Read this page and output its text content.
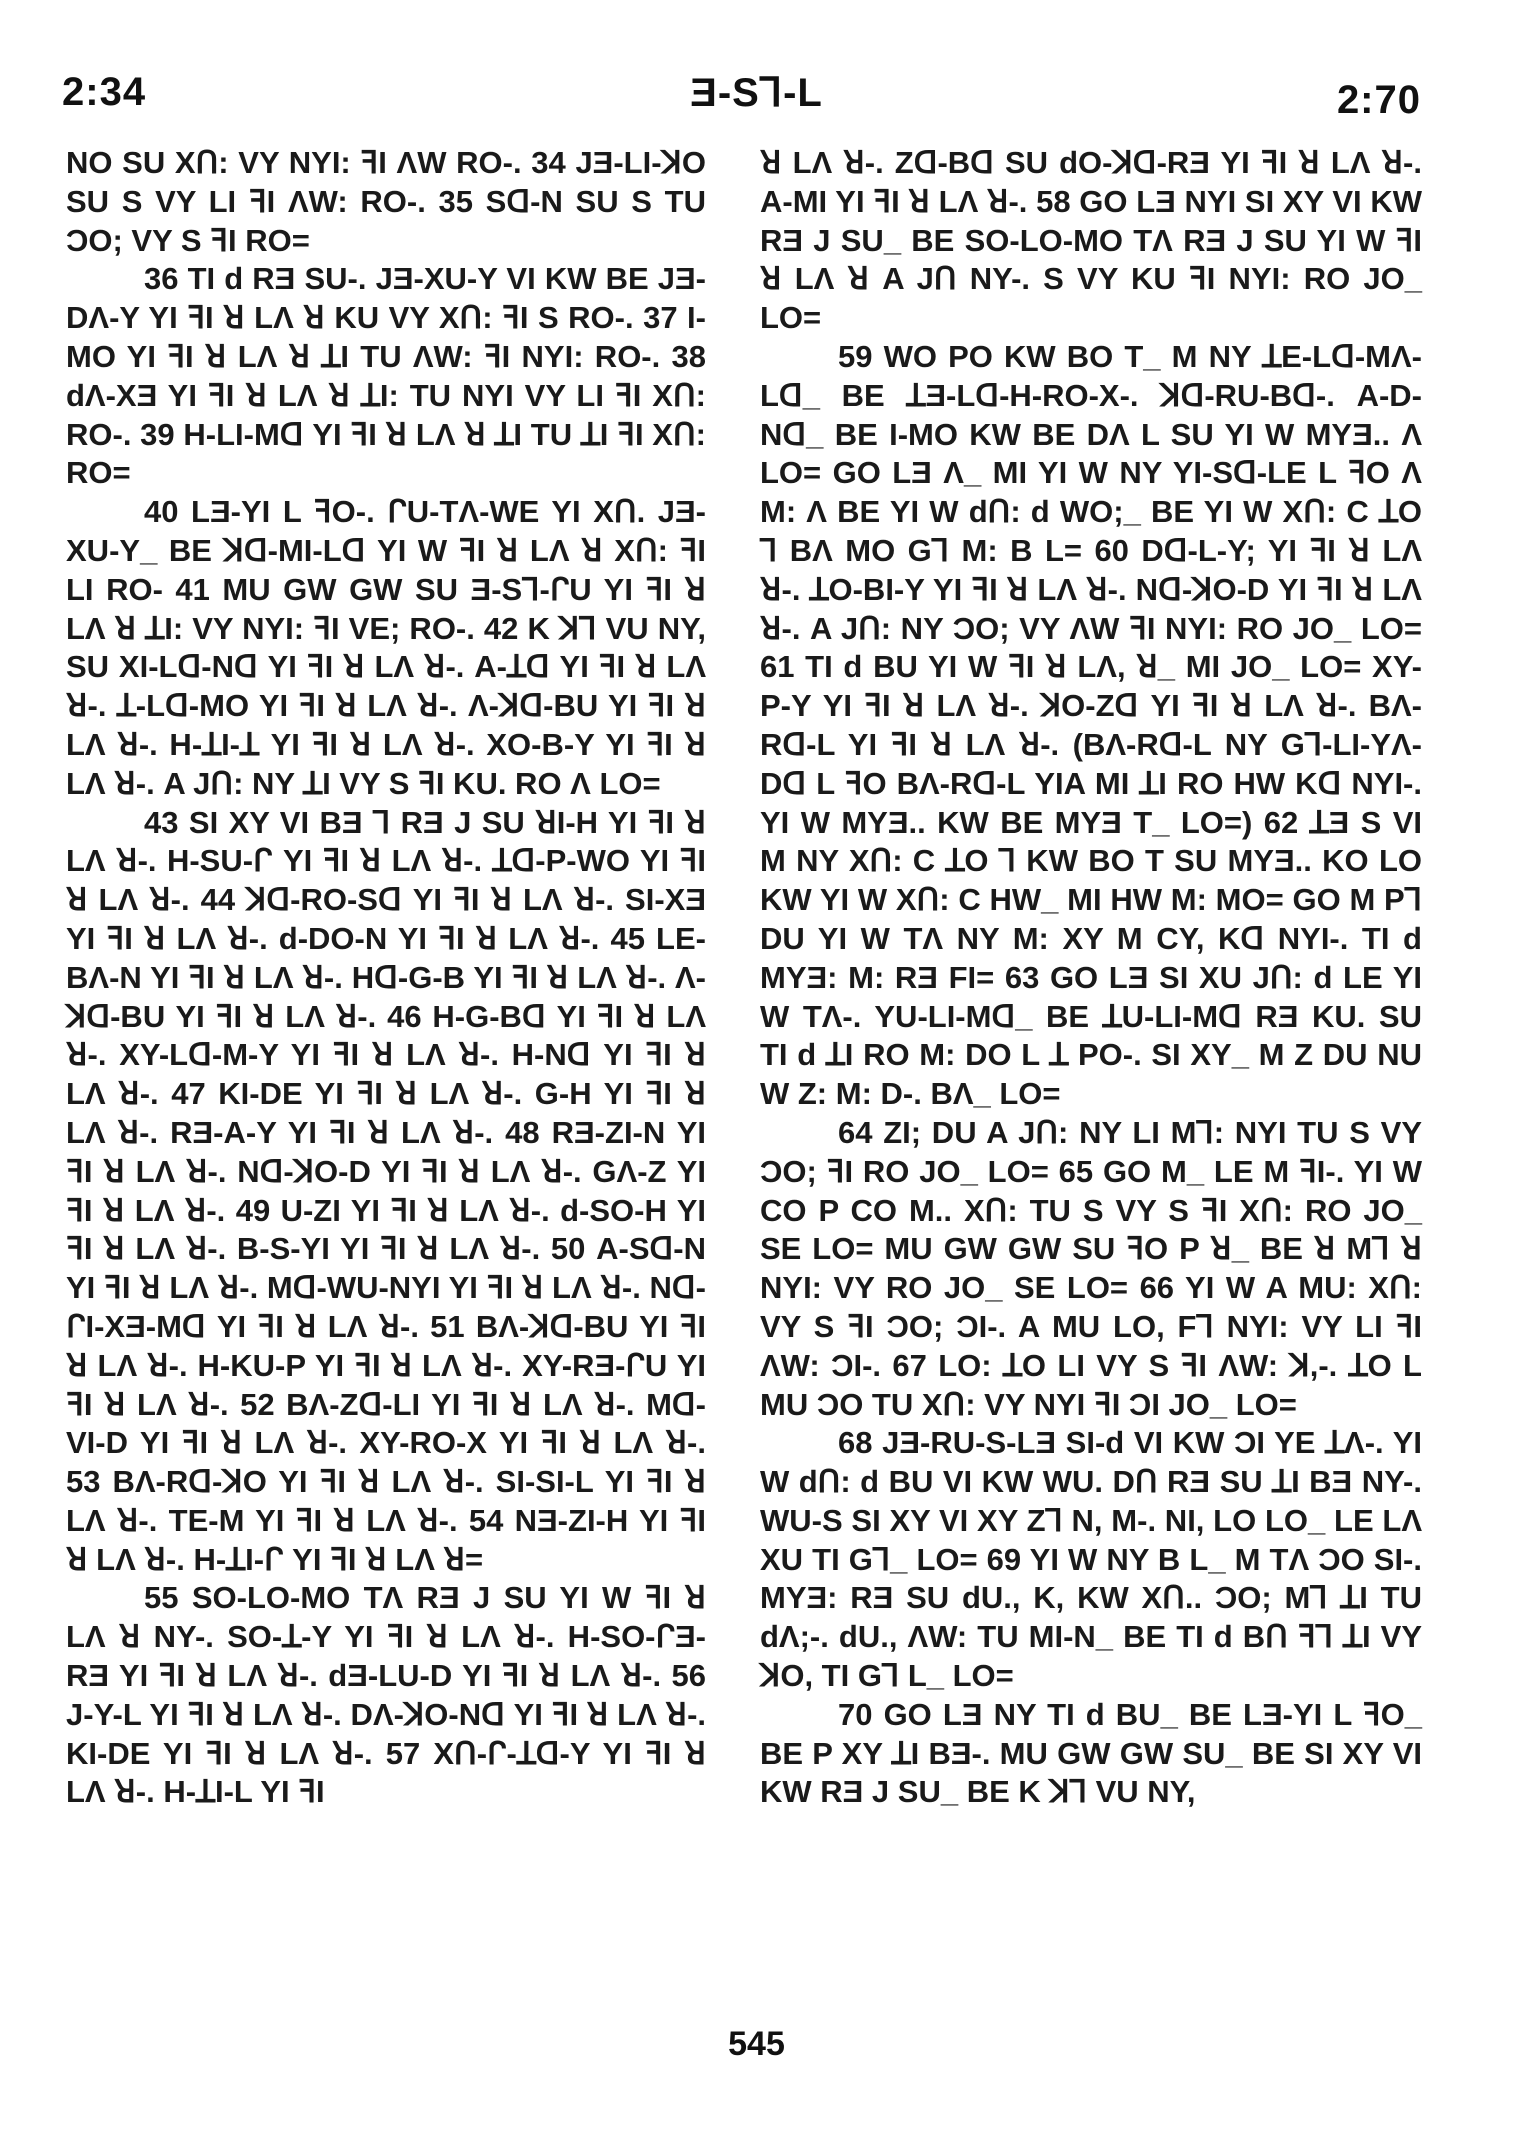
2:34	Ǝ-SꞀ-L	2:70

NO SU XՈ: VY NYI: ꟻI ɅW RO-. 34 JƎ-LI-ꓘO SU S VY LI ꟻI ɅW: RO-. 35 Sᗡ-N SU S TU ƆO; VY S ꟻI RO=

36 TI ԁ RƎ SU-. JƎ-XU-Y VI KW BE JƎ-DɅ-Y YI ꟻI ꓤ LɅ ꓤ KU VY XՈ: ꟻI S RO-. 37 I-MO YI ꟻI ꓤ LɅ ꓤ ꓕI TU ɅW: ꟻI NYI: RO-. 38 ԁɅ-XƎ YI ꟻI ꓤ LɅ ꓤ ꓕI: TU NYI VY LI ꟻI XՈ: RO-. 39 H-LI-Mᗡ YI ꟻI ꓤ LɅ ꓤ ꓕI TU ꓕI ꟻI XՈ: RO=

40 LƎ-YI L ꟻO-. ᒋU-TɅ-WE YI XՈ. JƎ-XU-Y_ BE ꓘᗡ-MI-Lᗡ YI W ꟻI ꓤ LɅ ꓤ XՈ: ꟻI LI RO- 41 MU GW GW SU Ǝ-SꞀ-ᒋU YI ꟻI ꓤ LɅ ꓤ ꓕI: VY NYI: ꟻI VE; RO-. 42 K ꓘꞀ VU NY, SU XI-Lᗡ-Nᗡ YI ꟻI ꓤ LɅ ꓤ-. A-ꓕᗡ YI ꟻI ꓤ LɅ ꓤ-. ꓕ-Lᗡ-MO YI ꟻI ꓤ LɅ ꓤ-. Ʌ-ꓘᗡ-BU YI ꟻI ꓤ LɅ ꓤ-. H-ꓕI-ꓕ YI ꟻI ꓤ LɅ ꓤ-. XO-B-Y YI ꟻI ꓤ LɅ ꓤ-. A JՈ: NY ꓕI VY S ꟻI KU. RO Ʌ LO=

43 SI XY VI BƎ ꓶ RƎ J SU ꓤI-H YI ꟻI ꓤ LɅ ꓤ-. H-SU-ᒋ YI ꟻI ꓤ LɅ ꓤ-. ꓕᗡ-P-WO YI ꟻI ꓤ LɅ ꓤ-. 44 ꓘᗡ-RO-Sᗡ YI ꟻI ꓤ LɅ ꓤ-. SI-XƎ YI ꟻI ꓤ LɅ ꓤ-. ԁ-DO-N YI ꟻI ꓤ LɅ ꓤ-. 45 LE-BɅ-N YI ꟻI ꓤ LɅ ꓤ-. Hᗡ-G-B YI ꟻI ꓤ LɅ ꓤ-. Ʌ-ꓘᗡ-BU YI ꟻI ꓤ LɅ ꓤ-. 46 H-G-Bᗡ YI ꟻI ꓤ LɅ ꓤ-. XY-Lᗡ-M-Y YI ꟻI ꓤ LɅ ꓤ-. H-Nᗡ YI ꟻI ꓤ LɅ ꓤ-. 47 KI-DE YI ꟻI ꓤ LɅ ꓤ-. G-H YI ꟻI ꓤ LɅ ꓤ-. RƎ-A-Y YI ꟻI ꓤ LɅ ꓤ-. 48 RƎ-ZI-N YI ꟻI ꓤ LɅ ꓤ-. Nᗡ-ꓘO-D YI ꟻI ꓤ LɅ ꓤ-. GɅ-Z YI ꟻI ꓤ LɅ ꓤ-. 49 U-ZI YI ꟻI ꓤ LɅ ꓤ-. ԁ-SO-H YI ꟻI ꓤ LɅ ꓤ-. B-S-YI YI ꟻI ꓤ LɅ ꓤ-. 50 A-Sᗡ-N YI ꟻI ꓤ LɅ ꓤ-. Mᗡ-WU-NYI YI ꟻI ꓤ LɅ ꓤ-. Nᗡ-ᒋI-XƎ-Mᗡ YI ꟻI ꓤ LɅ ꓤ-. 51 BɅ-ꓘᗡ-BU YI ꟻI ꓤ LɅ ꓤ-. H-KU-P YI ꟻI ꓤ LɅ ꓤ-. XY-RƎ-ᒋU YI ꟻI ꓤ LɅ ꓤ-. 52 BɅ-Zᗡ-LI YI ꟻI ꓤ LɅ ꓤ-. Mᗡ-VI-D YI ꟻI ꓤ LɅ ꓤ-. XY-RO-X YI ꟻI ꓤ LɅ ꓤ-. 53 BɅ-Rᗡ-ꓘO YI ꟻI ꓤ LɅ ꓤ-. SI-SI-L YI ꟻI ꓤ LɅ ꓤ-. TE-M YI ꟻI ꓤ LɅ ꓤ-. 54 NƎ-ZI-H YI ꟻI ꓤ LɅ ꓤ-. H-ꓕI-ᒋ YI ꟻI ꓤ LɅ ꓤ=

55 SO-LO-MO TɅ RƎ J SU YI W ꟻI ꓤ LɅ ꓤ NY-. SO-ꓕ-Y YI ꟻI ꓤ LɅ ꓤ-. H-SO-ᒋƎ-RƎ YI ꟻI ꓤ LɅ ꓤ-. ԁƎ-LU-D YI ꟻI ꓤ LɅ ꓤ-. 56 J-Y-L YI ꟻI ꓤ LɅ ꓤ-. DɅ-ꓘO-Nᗡ YI ꟻI ꓤ LɅ ꓤ-. KI-DE YI ꟻI ꓤ LɅ ꓤ-. 57 XՈ-ᒋ-ꓕᗡ-Y YI ꟻI ꓤ LɅ ꓤ-. H-ꓕI-L YI ꟻI

ꓤ LɅ ꓤ-. Zᗡ-Bᗡ SU ԁO-ꓘᗡ-RƎ YI ꟻI ꓤ LɅ ꓤ-. A-MI YI ꟻI ꓤ LɅ ꓤ-. 58 GO LƎ NYI SI XY VI KW RƎ J SU_ BE SO-LO-MO TɅ RƎ J SU YI W ꟻI ꓤ LɅ ꓤ A JՈ NY-. S VY KU ꟻI NYI: RO JO_ LO=

59 WO PO KW BO T_ M NY ꓕE-Lᗡ-MɅ-Lᗡ_ BE ꓕƎ-Lᗡ-H-RO-X-. ꓘᗡ-RU-Bᗡ-. A-D-Nᗡ_ BE I-MO KW BE DɅ L SU YI W MYƎ.. Ʌ LO= GO LƎ Ʌ_ MI YI W NY YI-Sᗡ-LE L ꟻO Ʌ M: Ʌ BE YI W ԁՈ: ԁ WO;_ BE YI W XՈ: C ꓕO ꓶ BɅ MO Gꓶ M: B L= 60 Dᗡ-L-Y; YI ꟻI ꓤ LɅ ꓤ-. ꓕO-BI-Y YI ꟻI ꓤ LɅ ꓤ-. Nᗡ-ꓘO-D YI ꟻI ꓤ LɅ ꓤ-. A JՈ: NY ƆO; VY ɅW ꟻI NYI: RO JO_ LO= 61 TI ԁ BU YI W ꟻI ꓤ LɅ, ꓤ_ MI JO_ LO= XY-P-Y YI ꟻI ꓤ LɅ ꓤ-. ꓘO-Zᗡ YI ꟻI ꓤ LɅ ꓤ-. BɅ-Rᗡ-L YI ꟻI ꓤ LɅ ꓤ-. (BɅ-Rᗡ-L NY Gꓶ-LI-YɅ-Dᗡ L ꟻO BɅ-Rᗡ-L YIA MI ꓕI RO HW Kᗡ NYI-. YI W MYƎ.. KW BE MYƎ T_ LO=) 62 ꓕƎ S VI M NY XՈ: C ꓕO ꓶ KW BO T SU MYƎ.. KO LO KW YI W XՈ: C HW_ MI HW M: MO= GO M Pꓶ DU YI W TɅ NY M: XY M CY, Kᗡ NYI-. TI ԁ MYƎ: M: RƎ FI= 63 GO LƎ SI XU JՈ: ԁ LE YI W TɅ-. YU-LI-Mᗡ_ BE ꓕU-LI-Mᗡ RƎ KU. SU TI ԁ ꓕI RO M: DO L ꓕ PO-. SI XY_ M Z DU NU W Z: M: D-. BɅ_ LO=

64 ZI; DU A JՈ: NY LI Mꓶ: NYI TU S VY ƆO; ꟻI RO JO_ LO= 65 GO M_ LE M ꟻI-. YI W CO P CO M.. XՈ: TU S VY S ꟻI XՈ: RO JO_ SE LO= MU GW GW SU ꟻO P ꓤ_ BE ꓤ Mꓶ ꓤ NYI: VY RO JO_ SE LO= 66 YI W A MU: XՈ: VY S ꟻI ƆO; ƆI-. A MU LO, Fꓶ NYI: VY LI ꟻI ɅW: ƆI-. 67 LO: ꓕO LI VY S ꟻI ɅW: ꓘ,-. ꓕO L MU ƆO TU XՈ: VY NYI ꟻI ƆI JO_ LO=

68 JƎ-RU-S-LƎ SI-ԁ VI KW ƆI YE ꓕɅ-. YI W ԁՈ: ԁ BU VI KW WU. DՈ RƎ SU ꓕI BƎ NY-. WU-S SI XY VI XY Zꓶ N, M-. NI, LO LO_ LE LɅ XU TI Gꓶ_ LO= 69 YI W NY B L_ M TɅ ƆO SI-. MYƎ: RƎ SU ԁU., K, KW XՈ.. ƆO; Mꓶ ꓕI TU ԁɅ;-. ԁU., ɅW: TU MI-N_ BE TI ԁ BՈ ꟻꓶ ꓕI VY ꓘO, TI Gꓶ L_ LO=

70 GO LƎ NY TI ԁ BU_ BE LƎ-YI L ꟻO_ BE P XY ꓕI BƎ-. MU GW GW SU_ BE SI XY VI KW RƎ J SU_ BE K ꓘꞀ VU NY,

545
